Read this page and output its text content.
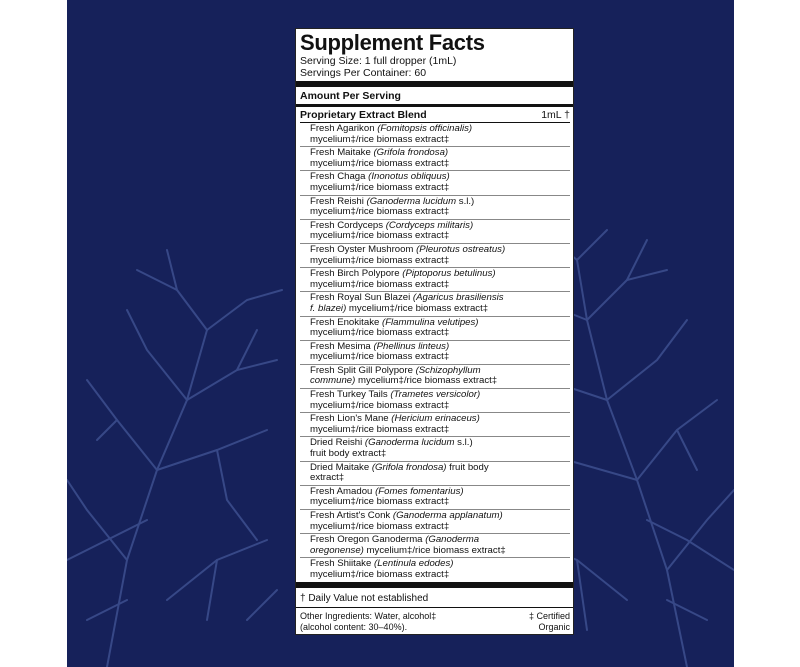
Supplement Facts
Serving Size: 1 full dropper (1mL)
Servings Per Container: 60
Amount Per Serving
Proprietary Extract Blend	1mL †
Fresh Agarikon (Fomitopsis officinalis)
mycelium‡/rice biomass extract‡
Fresh Maitake (Grifola frondosa)
mycelium‡/rice biomass extract‡
Fresh Chaga (Inonotus obliquus)
mycelium‡/rice biomass extract‡
Fresh Reishi (Ganoderma lucidum s.l.)
mycelium‡/rice biomass extract‡
Fresh Cordyceps (Cordyceps militaris)
mycelium‡/rice biomass extract‡
Fresh Oyster Mushroom (Pleurotus ostreatus)
mycelium‡/rice biomass extract‡
Fresh Birch Polypore (Piptoporus betulinus)
mycelium‡/rice biomass extract‡
Fresh Royal Sun Blazei (Agaricus brasiliensis
f. blazei) mycelium‡/rice biomass extract‡
Fresh Enokitake (Flammulina velutipes)
mycelium‡/rice biomass extract‡
Fresh Mesima (Phellinus linteus)
mycelium‡/rice biomass extract‡
Fresh Split Gill Polypore (Schizophyllum
commune) mycelium‡/rice biomass extract‡
Fresh Turkey Tails (Trametes versicolor)
mycelium‡/rice biomass extract‡
Fresh Lion's Mane (Hericium erinaceus)
mycelium‡/rice biomass extract‡
Dried Reishi (Ganoderma lucidum s.l.)
fruit body extract‡
Dried Maitake (Grifola frondosa) fruit body
extract‡
Fresh Amadou (Fomes fomentarius)
mycelium‡/rice biomass extract‡
Fresh Artist's Conk (Ganoderma applanatum)
mycelium‡/rice biomass extract‡
Fresh Oregon Ganoderma (Ganoderma
oregonense) mycelium‡/rice biomass extract‡
Fresh Shiitake (Lentinula edodes)
mycelium‡/rice biomass extract‡
† Daily Value not established
Other Ingredients: Water, alcohol‡ (alcohol content: 30–40%).
‡ Certified Organic
